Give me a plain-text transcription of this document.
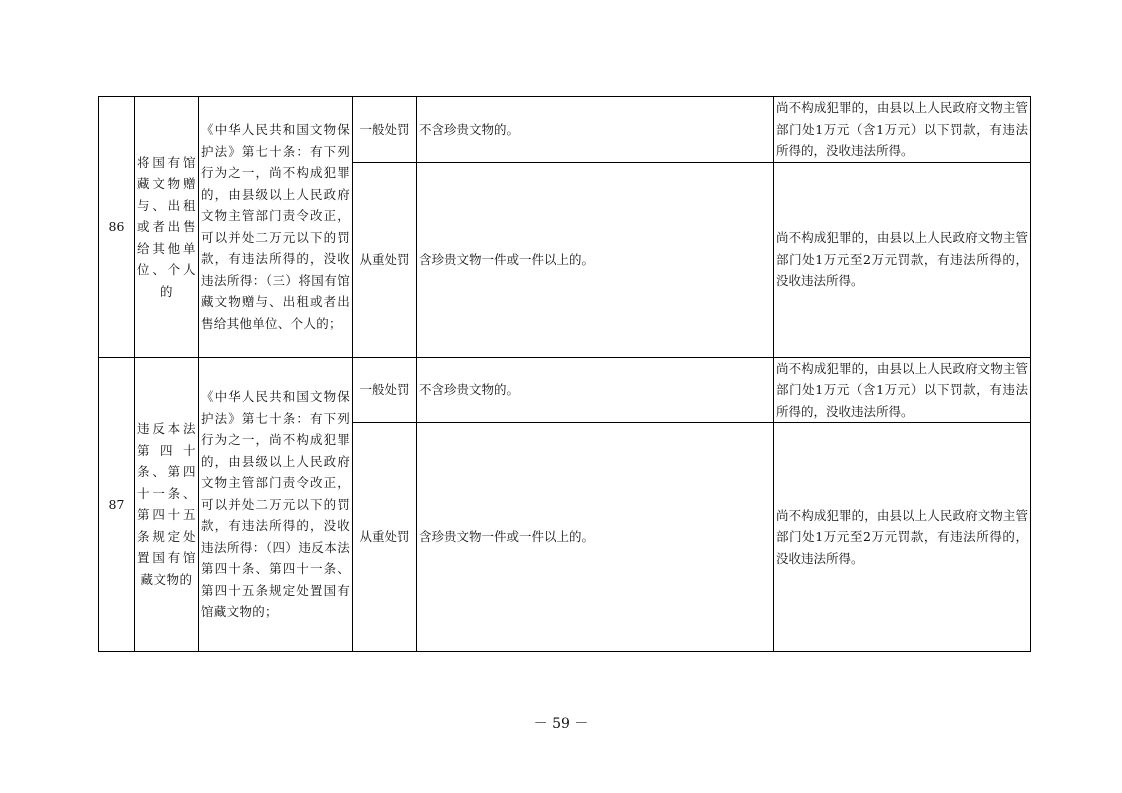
86	将国有馆藏文物赠与、出租或者出售给其他单位、个人的	《中华人民共和国文物保护法》第七十条：有下列行为之一，尚不构成犯罪的，由县级以上人民政府文物主管部门责令改正，可以并处二万元以下的罚款，有违法所得的，没收违法所得：（三）将国有馆藏文物赠与、出租或者出售给其他单位、个人的；	一般处罚	不含珍贵文物的。	尚不构成犯罪的，由县以上人民政府文物主管部门处1万元（含1万元）以下罚款，有违法所得的，没收违法所得。
			从重处罚	含珍贵文物一件或一件以上的。	尚不构成犯罪的，由县以上人民政府文物主管部门处1万元至2万元罚款，有违法所得的，没收违法所得。
87	违反本法第四十条、第四十一条、第四十五条规定处置国有馆藏文物的	《中华人民共和国文物保护法》第七十条：有下列行为之一，尚不构成犯罪的，由县级以上人民政府文物主管部门责令改正，可以并处二万元以下的罚款，有违法所得的，没收违法所得：（四）违反本法第四十条、第四十一条、第四十五条规定处置国有馆藏文物的；	一般处罚	不含珍贵文物的。	尚不构成犯罪的，由县以上人民政府文物主管部门处1万元（含1万元）以下罚款，有违法所得的，没收违法所得。
			从重处罚	含珍贵文物一件或一件以上的。	尚不构成犯罪的，由县以上人民政府文物主管部门处1万元至2万元罚款，有违法所得的，没收违法所得。
－ 59 －
